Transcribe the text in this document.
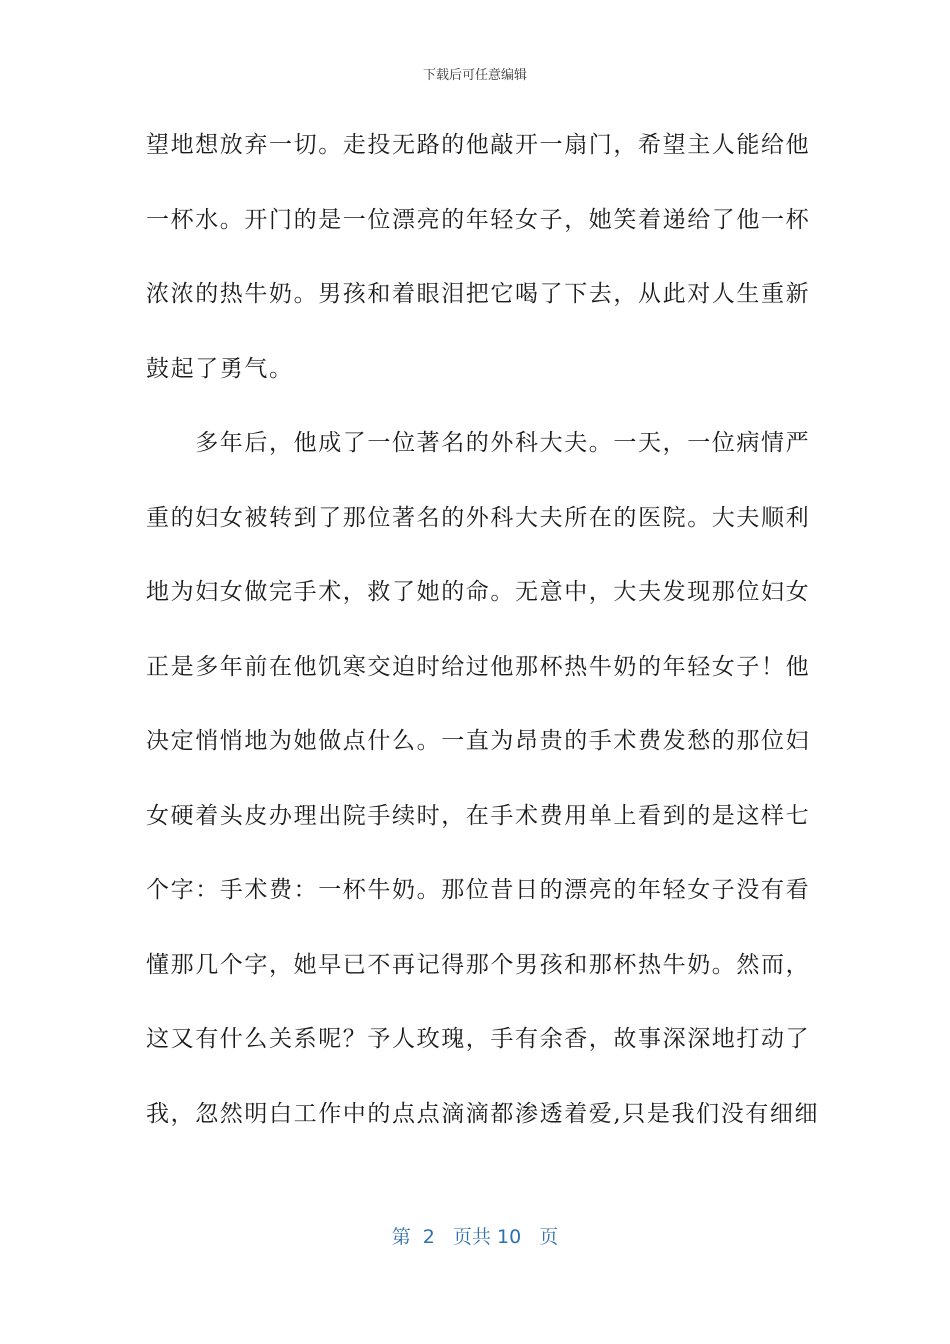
下载后可任意编辑
望地想放弃一切。走投无路的他敲开一扇门，希望主人能给他
一杯水。开门的是一位漂亮的年轻女子，她笑着递给了他一杯
浓浓的热牛奶。男孩和着眼泪把它喝了下去，从此对人生重新
鼓起了勇气。
　　多年后，他成了一位著名的外科大夫。一天，一位病情严
重的妇女被转到了那位著名的外科大夫所在的医院。大夫顺利
地为妇女做完手术，救了她的命。无意中，大夫发现那位妇女
正是多年前在他饥寒交迫时给过他那杯热牛奶的年轻女子！他
决定悄悄地为她做点什么。一直为昂贵的手术费发愁的那位妇
女硬着头皮办理出院手续时，在手术费用单上看到的是这样七
个字：手术费：一杯牛奶。那位昔日的漂亮的年轻女子没有看
懂那几个字，她早已不再记得那个男孩和那杯热牛奶。然而，
这又有什么关系呢？予人玫瑰，手有余香，故事深深地打动了
我，忽然明白工作中的点点滴滴都渗透着爱,只是我们没有细细
第  2   页共 10   页
